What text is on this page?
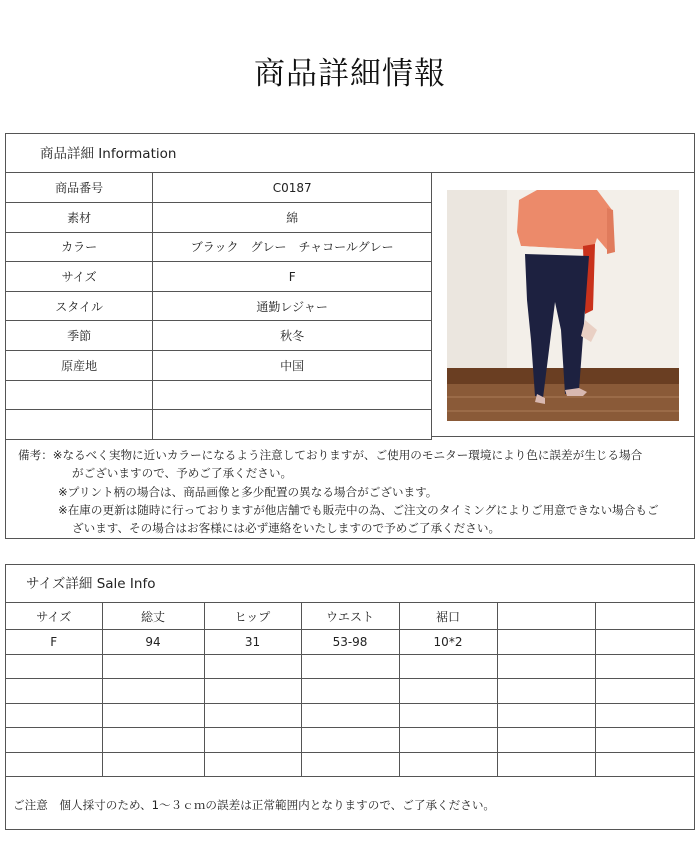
商品詳細情報
商品詳細 Information
商品番号	C0187
素材	綿
カラー	ブラック　グレー　チャコールグレー
サイズ	F
スタイル	通勤レジャー
季節	秋冬
原産地	中国

備考：※なるべく実物に近いカラーになるよう注意しておりますが、ご使用のモニター環境により色に誤差が生じる場合
がございますので、予めご了承ください。
※プリント柄の場合は、商品画像と多少配置の異なる場合がございます。
※在庫の更新は随時に行っておりますが他店舗でも販売中の為、ご注文のタイミングによりご用意できない場合もご
ざいます、その場合はお客様には必ず連絡をいたしますので予めご了承ください。
サイズ詳細 Sale Info
サイズ	総丈	ヒップ	ウエスト	裾口		
F	94	31	53-98	10*2		

ご注意　個人採寸のため、1～３ｃｍの誤差は正常範囲内となりますので、ご了承ください。
